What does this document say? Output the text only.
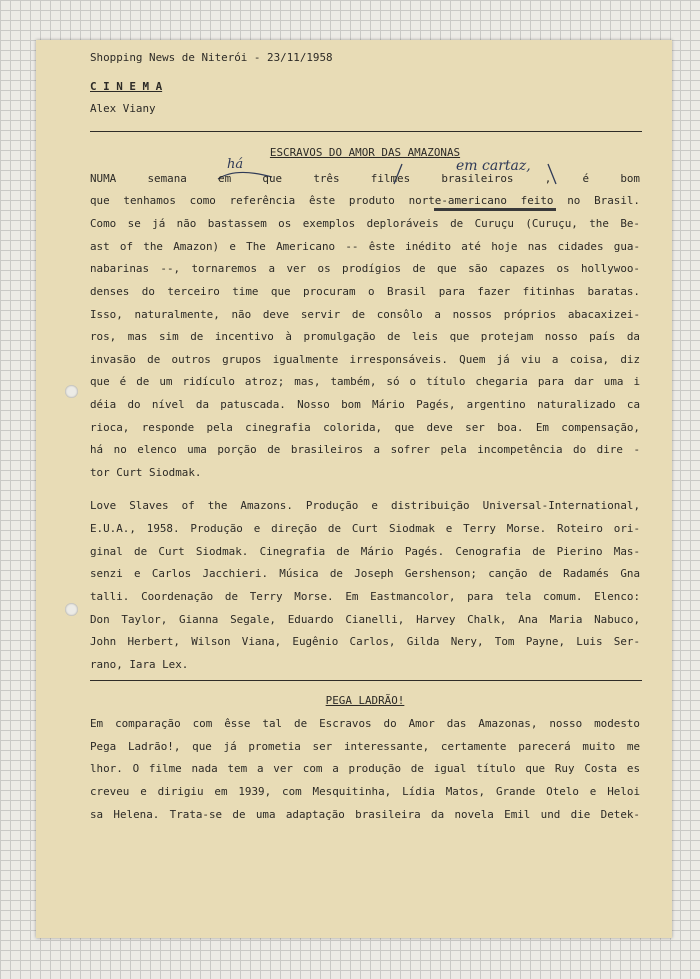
Shopping News de Niterói - 23/11/1958
C I N E M A
Alex Viany
ESCRAVOS DO AMOR DAS AMAZONAS
há	em cartaz,
NUMA semana em que três filmes brasileiros , é bom
que tenhamos como referência êste produto norte-americano feito no Brasil.
Como se já não bastassem os exemplos deploráveis de Curuçu (Curuçu, the Be-
ast of the Amazon) e The Americano -- êste inédito até hoje nas cidades gua-
nabarinas --, tornaremos a ver os prodígios de que são capazes os hollywoo-
denses do terceiro time que procuram o Brasil para fazer fitinhas baratas.
Isso, naturalmente, não deve servir de consôlo a nossos próprios abacaxizei-
ros, mas sim de incentivo à promulgação de leis que protejam nosso país da
invasão de outros grupos igualmente irresponsáveis. Quem já viu a coisa, diz
que é de um ridículo atroz; mas, também, só o título chegaria para dar uma i
déia do nível da patuscada. Nosso bom Mário Pagés, argentino naturalizado ca
rioca, responde pela cinegrafia colorida, que deve ser boa. Em compensação,
há no elenco uma porção de brasileiros a sofrer pela incompetência do dire -
tor Curt Siodmak.
Love Slaves of the Amazons. Produção e distribuição Universal-International,
E.U.A., 1958. Produção e direção de Curt Siodmak e Terry Morse. Roteiro ori-
ginal de Curt Siodmak. Cinegrafia de Mário Pagés. Cenografia de Pierino Mas-
senzi e Carlos Jacchieri. Música de Joseph Gershenson; canção de Radamés Gna
talli. Coordenação de Terry Morse. Em Eastmancolor, para tela comum. Elenco:
Don Taylor, Gianna Segale, Eduardo Cianelli, Harvey Chalk, Ana Maria Nabuco,
John Herbert, Wilson Viana, Eugênio Carlos, Gilda Nery, Tom Payne, Luis Ser-
rano, Iara Lex.
PEGA LADRÃO!
Em comparação com êsse tal de Escravos do Amor das Amazonas, nosso modesto
Pega Ladrão!, que já prometia ser interessante, certamente parecerá muito me
lhor. O filme nada tem a ver com a produção de igual título que Ruy Costa es
creveu e dirigiu em 1939, com Mesquitinha, Lídia Matos, Grande Otelo e Heloi
sa Helena. Trata-se de uma adaptação brasileira da novela Emil und die Detek-
